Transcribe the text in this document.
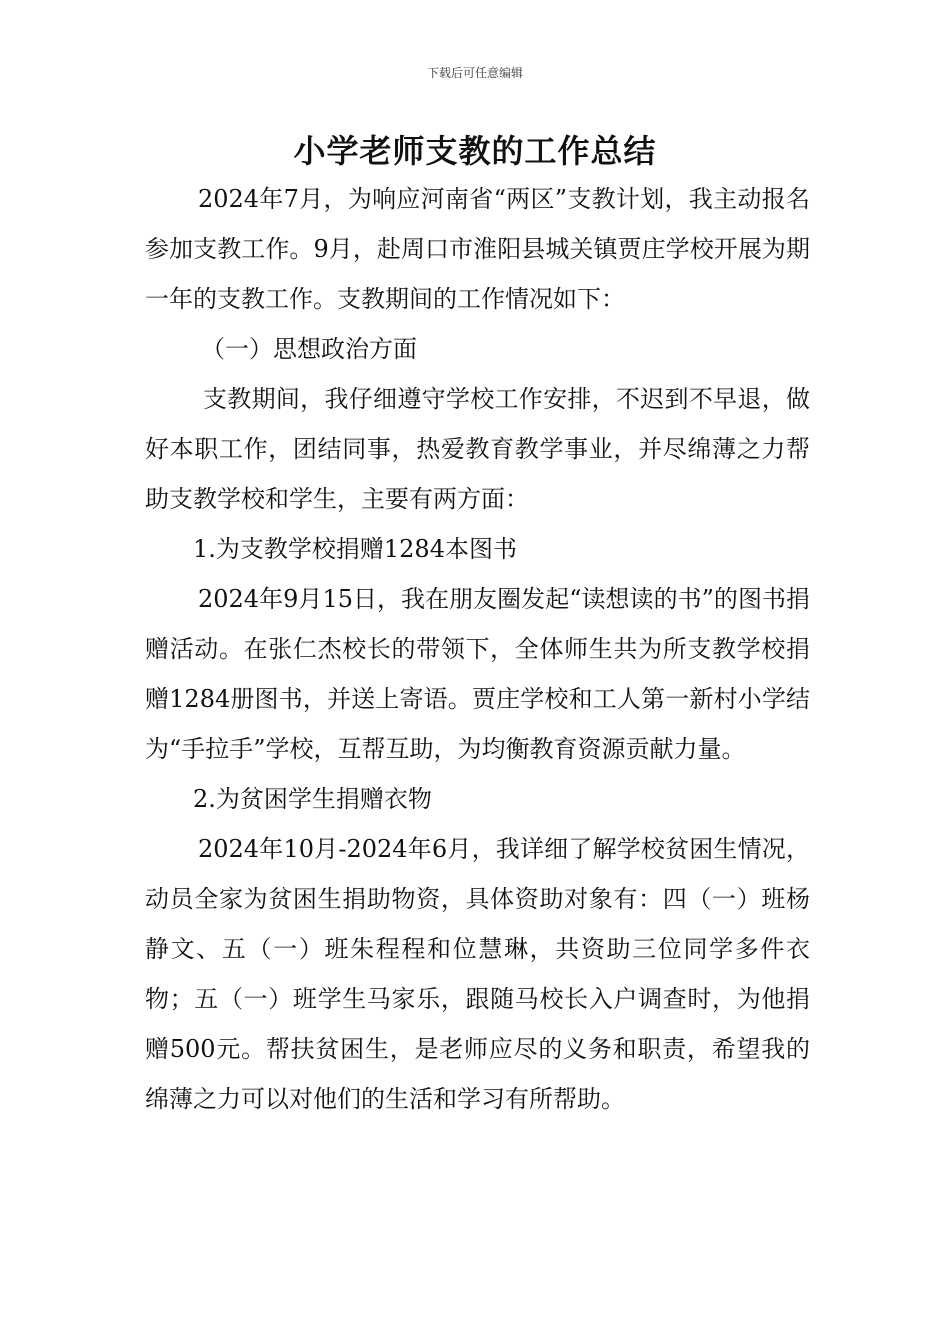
下载后可任意编辑
小学老师支教的工作总结

2024年7月，为响应河南省“两区”支教计划，我主动报名参加支教工作。9月，赴周口市淮阳县城关镇贾庄学校开展为期一年的支教工作。支教期间的工作情况如下：

（一）思想政治方面

支教期间，我仔细遵守学校工作安排，不迟到不早退，做好本职工作，团结同事，热爱教育教学事业，并尽绵薄之力帮助支教学校和学生，主要有两方面：

1.为支教学校捐赠1284本图书

2024年9月15日，我在朋友圈发起“读想读的书”的图书捐赠活动。在张仁杰校长的带领下，全体师生共为所支教学校捐赠1284册图书，并送上寄语。贾庄学校和工人第一新村小学结为“手拉手”学校，互帮互助，为均衡教育资源贡献力量。

2.为贫困学生捐赠衣物

2024年10月-2024年6月，我详细了解学校贫困生情况，动员全家为贫困生捐助物资，具体资助对象有：四（一）班杨静文、五（一）班朱程程和位慧琳，共资助三位同学多件衣物；五（一）班学生马家乐，跟随马校长入户调查时，为他捐赠500元。帮扶贫困生，是老师应尽的义务和职责，希望我的绵薄之力可以对他们的生活和学习有所帮助。
